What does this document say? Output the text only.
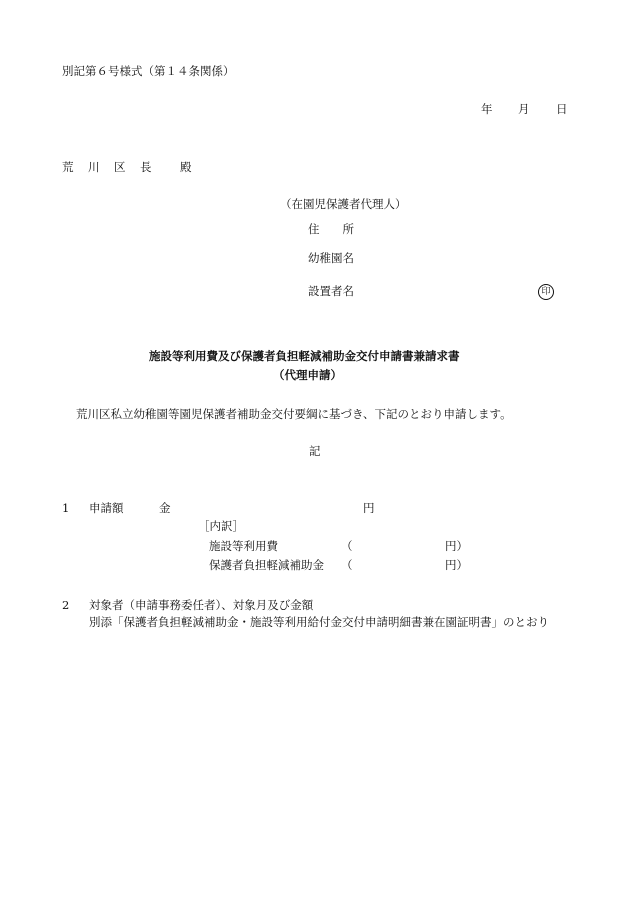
別記第６号様式（第１４条関係）
年 月 日
荒 川 区 長 殿
（在園児保護者代理人）
住　　所
幼稚園名
設置者名	印
施設等利用費及び保護者負担軽減補助金交付申請書兼請求書
（代理申請）
荒川区私立幼稚園等園児保護者補助金交付要綱に基づき、下記のとおり申請します。
記
1 申請額	金	円
［内訳］
施設等利用費	（	円）
保護者負担軽減補助金 （	円）
2 対象者（申請事務委任者）、対象月及び金額
別添「保護者負担軽減補助金・施設等利用給付金交付申請明細書兼在園証明書」のとおり
